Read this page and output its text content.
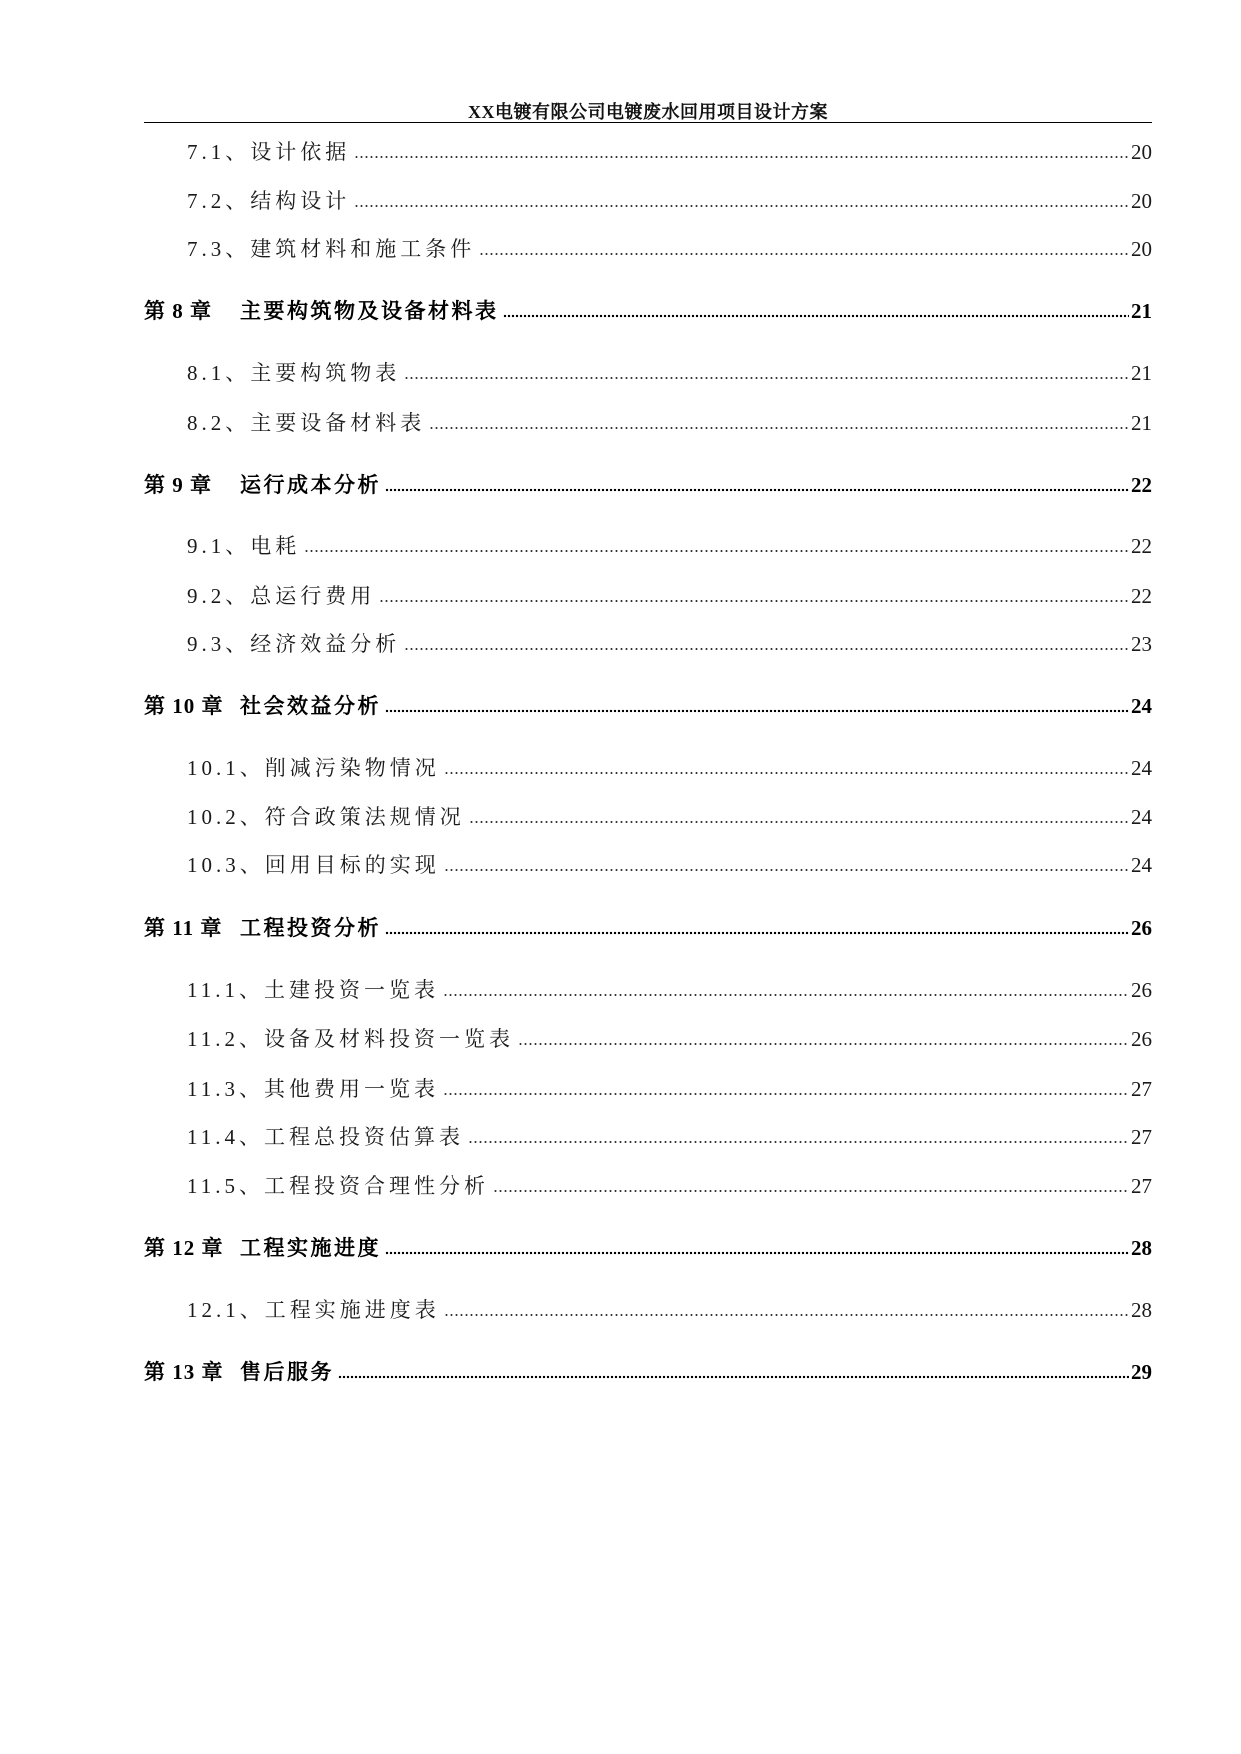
XX电镀有限公司电镀废水回用项目设计方案
7.1、设计依据	20
7.2、结构设计	20
7.3、建筑材料和施工条件	20
第 8 章	主要构筑物及设备材料表	21
8.1、主要构筑物表	21
8.2、主要设备材料表	21
第 9 章	运行成本分析	22
9.1、电耗	22
9.2、总运行费用	22
9.3、经济效益分析	23
第 10 章 社会效益分析	24
10.1、削减污染物情况	24
10.2、符合政策法规情况	24
10.3、回用目标的实现	24
第 11 章 工程投资分析	26
11.1、土建投资一览表	26
11.2、设备及材料投资一览表	26
11.3、其他费用一览表	27
11.4、工程总投资估算表	27
11.5、工程投资合理性分析	27
第 12 章 工程实施进度	28
12.1、工程实施进度表	28
第 13 章 售后服务	29
